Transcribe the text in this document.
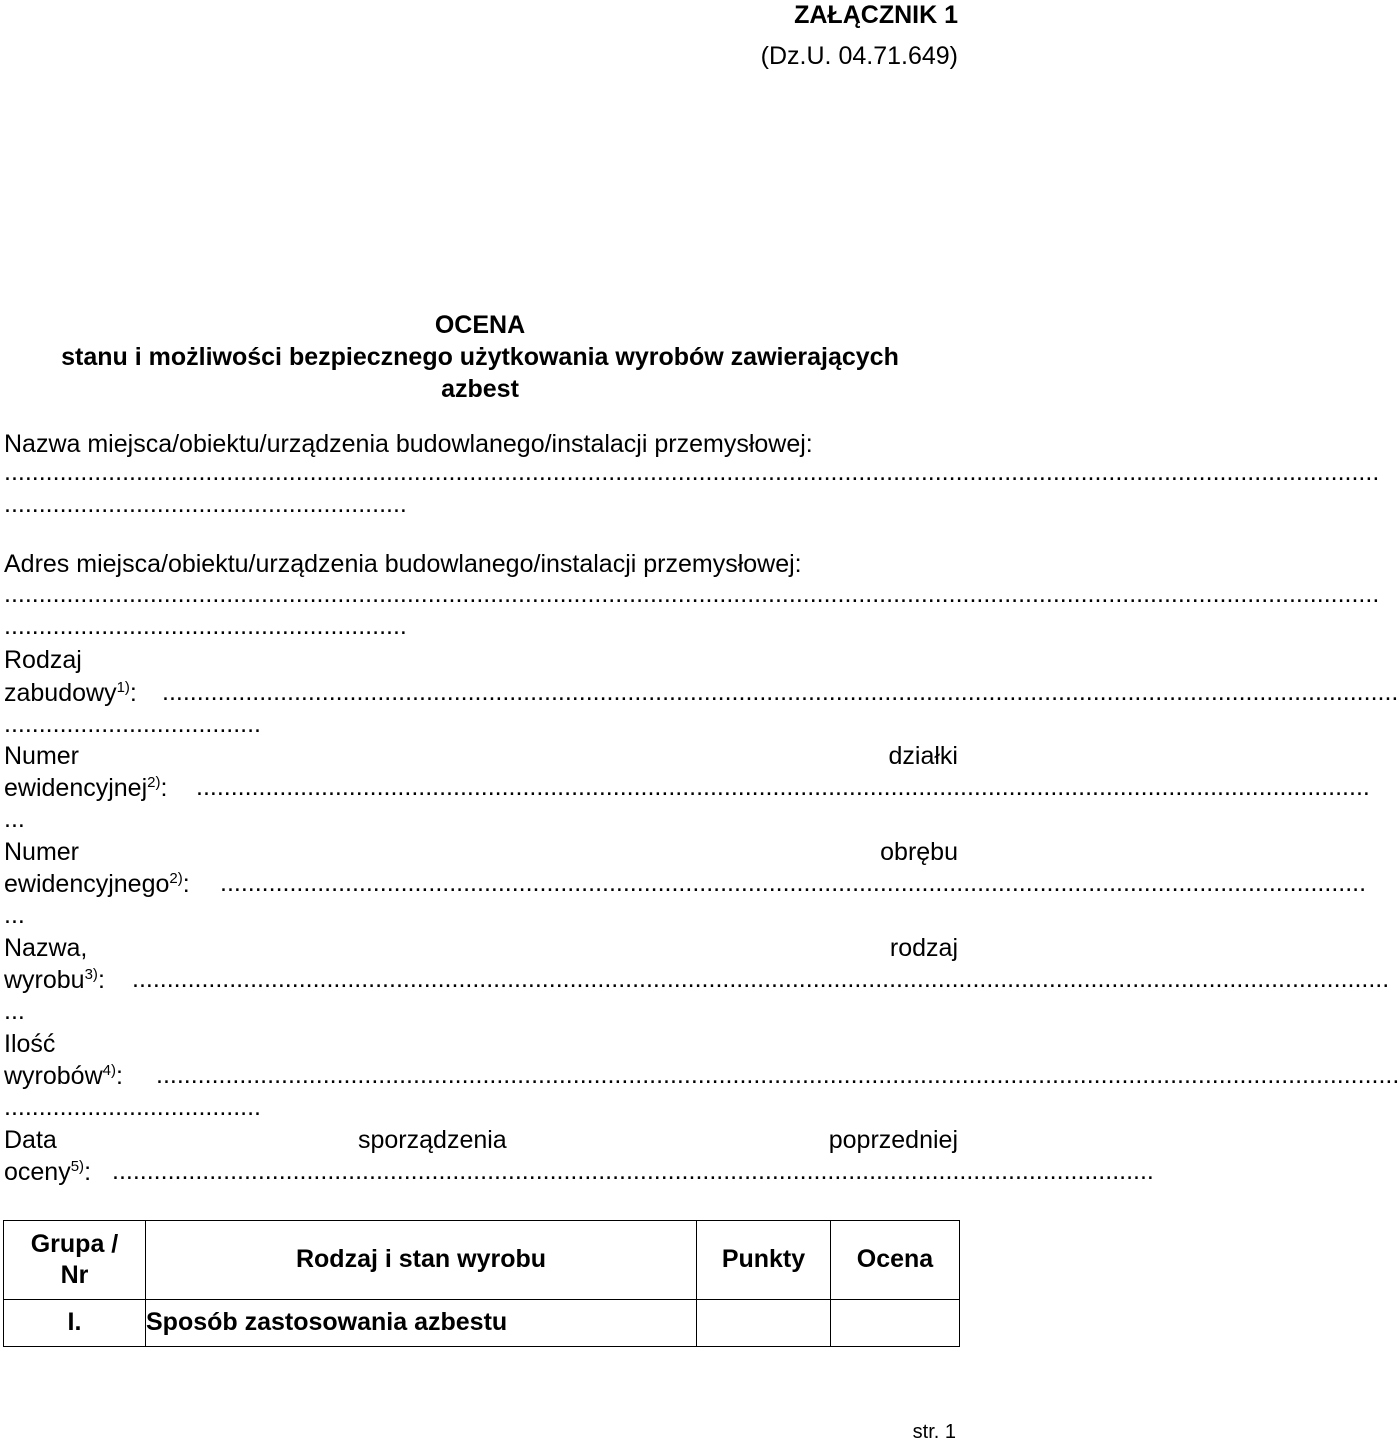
ZAŁĄCZNIK 1
(Dz.U. 04.71.649)
OCENA
stanu i możliwości bezpiecznego użytkowania wyrobów zawierających
azbest
Nazwa miejsca/obiektu/urządzenia budowlanego/instalacji przemysłowej:
......................................................................................................................................................................................................
..........................................................
Adres miejsca/obiektu/urządzenia budowlanego/instalacji przemysłowej:
......................................................................................................................................................................................................
..........................................................
Rodzaj
zabudowy$^{1)}$: ..................................................................................................................................................................................
.....................................
Numer	działki
ewidencyjnej$^{2)}$: .........................................................................................................................................................................
...
Numer	obrębu
ewidencyjnego$^{2)}$: .....................................................................................................................................................................
...
Nazwa,	rodzaj
wyrobu$^{3)}$: .....................................................................................................................................................................................
...
Ilość
wyrobów$^{4)}$: ...................................................................................................................................................................................
.....................................
Data	sporządzenia	poprzedniej
oceny$^{5)}$: ......................................................................................................................................................
Grupa / Nr	Rodzaj i stan wyrobu	Punkty	Ocena
I.	Sposób zastosowania azbestu		
str. 1
